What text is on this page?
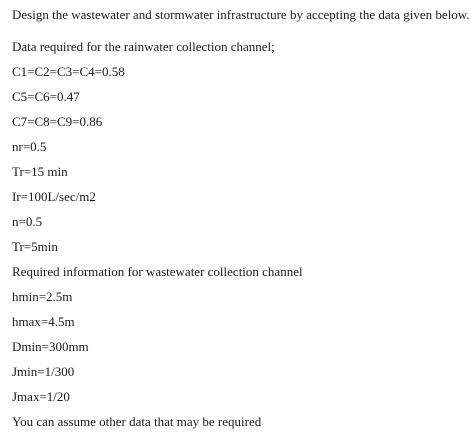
Design the wastewater and stormwater infrastructure by accepting the data given below.
Data required for the rainwater collection channel;
C1=C2=C3=C4=0.58
C5=C6=0.47
C7=C8=C9=0.86
nr=0.5
Tr=15 min
Ir=100L/sec/m2
n=0.5
Tr=5min
Required information for wastewater collection channel
hmin=2.5m
hmax=4.5m
Dmin=300mm
Jmin=1/300
Jmax=1/20
You can assume other data that may be required
